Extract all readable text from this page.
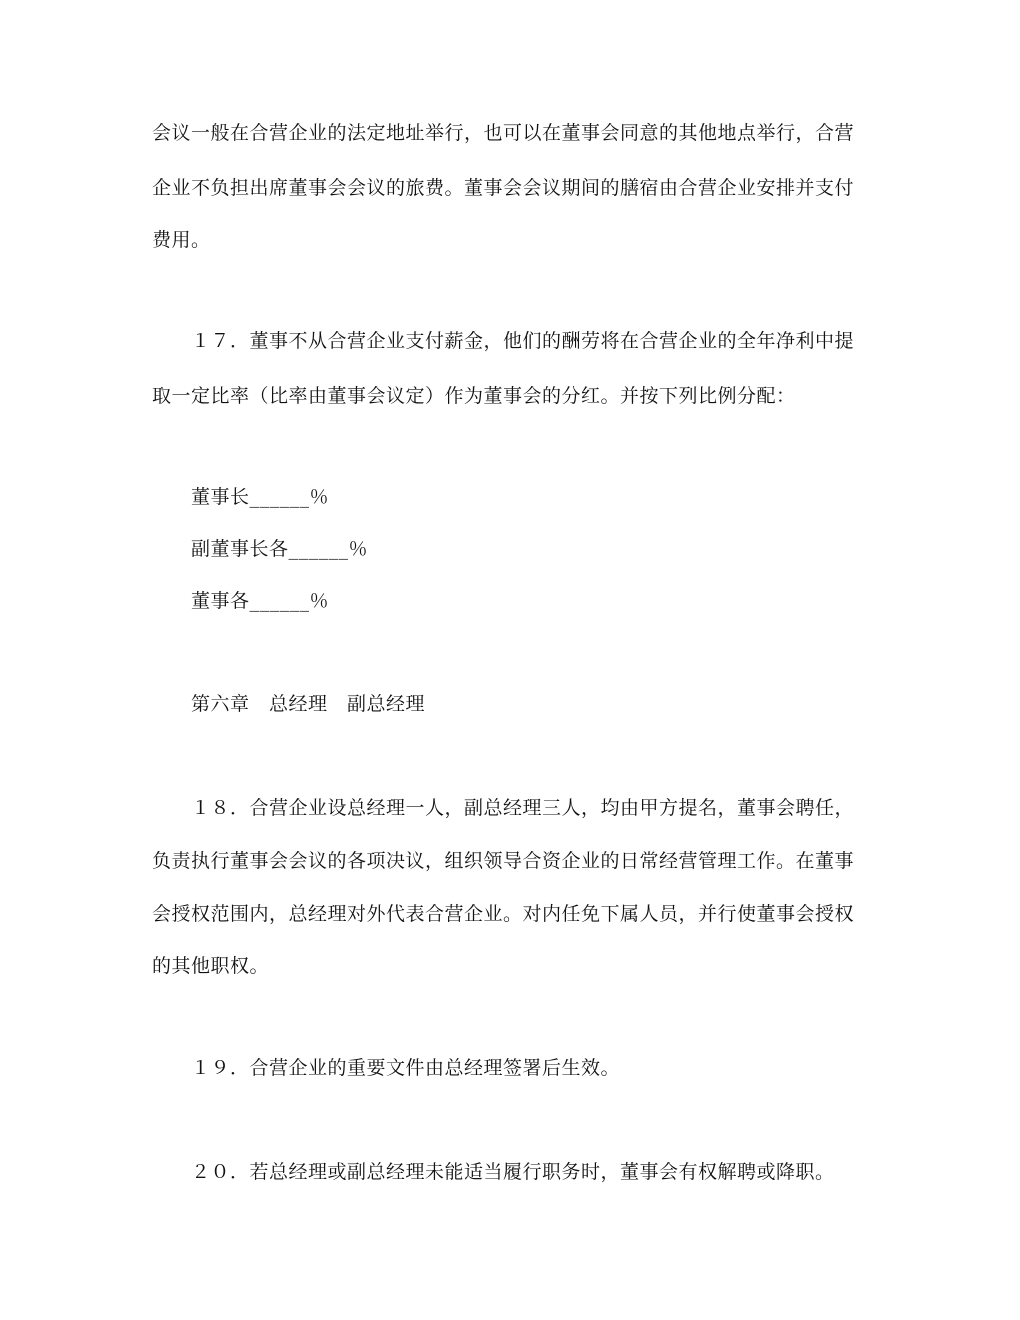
会议一般在合营企业的法定地址举行，也可以在董事会同意的其他地点举行，合营
企业不负担出席董事会会议的旅费。董事会会议期间的膳宿由合营企业安排并支付
费用。
１７．董事不从合营企业支付薪金，他们的酬劳将在合营企业的全年净利中提
取一定比率（比率由董事会议定）作为董事会的分红。并按下列比例分配：
董事长______％
副董事长各______％
董事各______％
第六章　总经理　副总经理
１８．合营企业设总经理一人，副总经理三人，均由甲方提名，董事会聘任，
负责执行董事会会议的各项决议，组织领导合资企业的日常经营管理工作。在董事
会授权范围内，总经理对外代表合营企业。对内任免下属人员，并行使董事会授权
的其他职权。
１９．合营企业的重要文件由总经理签署后生效。
２０．若总经理或副总经理未能适当履行职务时，董事会有权解聘或降职。
